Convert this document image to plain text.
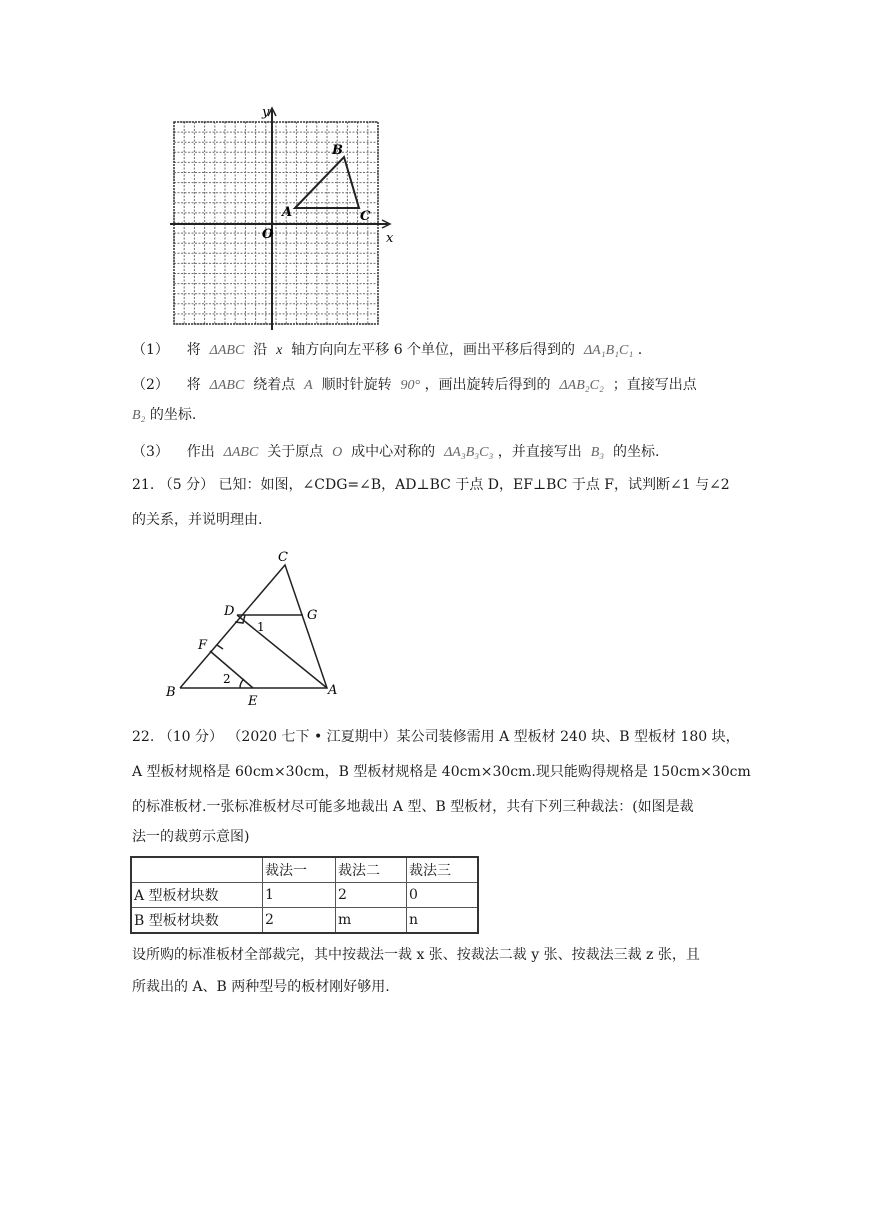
y
x
O
A
B
C
（1） 将 ΔABC 沿 x 轴方向向左平移 6 个单位，画出平移后得到的 ΔA₁B₁C₁ .
（2） 将 ΔABC 绕着点 A 顺时针旋转 90° ，画出旋转后得到的 ΔAB₂C₂ ；直接写出点
B₂ 的坐标.
（3） 作出 ΔABC 关于原点 O 成中心对称的 ΔA₃B₃C₃ ，并直接写出 B₃ 的坐标.
21. （5 分） 已知：如图，∠CDG=∠B，AD⊥BC 于点 D，EF⊥BC 于点 F，试判断∠1 与∠2
的关系，并说明理由.
C
D	G
1
F
2
B
E
A
22. （10 分） （2020 七下 • 江夏期中）某公司装修需用 A 型板材 240 块、B 型板材 180 块，
A 型板材规格是 60cm×30cm，B 型板材规格是 40cm×30cm.现只能购得规格是 150cm×30cm
的标准板材.一张标准板材尽可能多地裁出 A 型、B 型板材，共有下列三种裁法：(如图是裁
法一的裁剪示意图)
	裁法一	裁法二	裁法三
A 型板材块数	1	2	0
B 型板材块数	2	m	n
设所购的标准板材全部裁完，其中按裁法一裁 x 张、按裁法二裁 y 张、按裁法三裁 z 张，且
所裁出的 A、B 两种型号的板材刚好够用.
